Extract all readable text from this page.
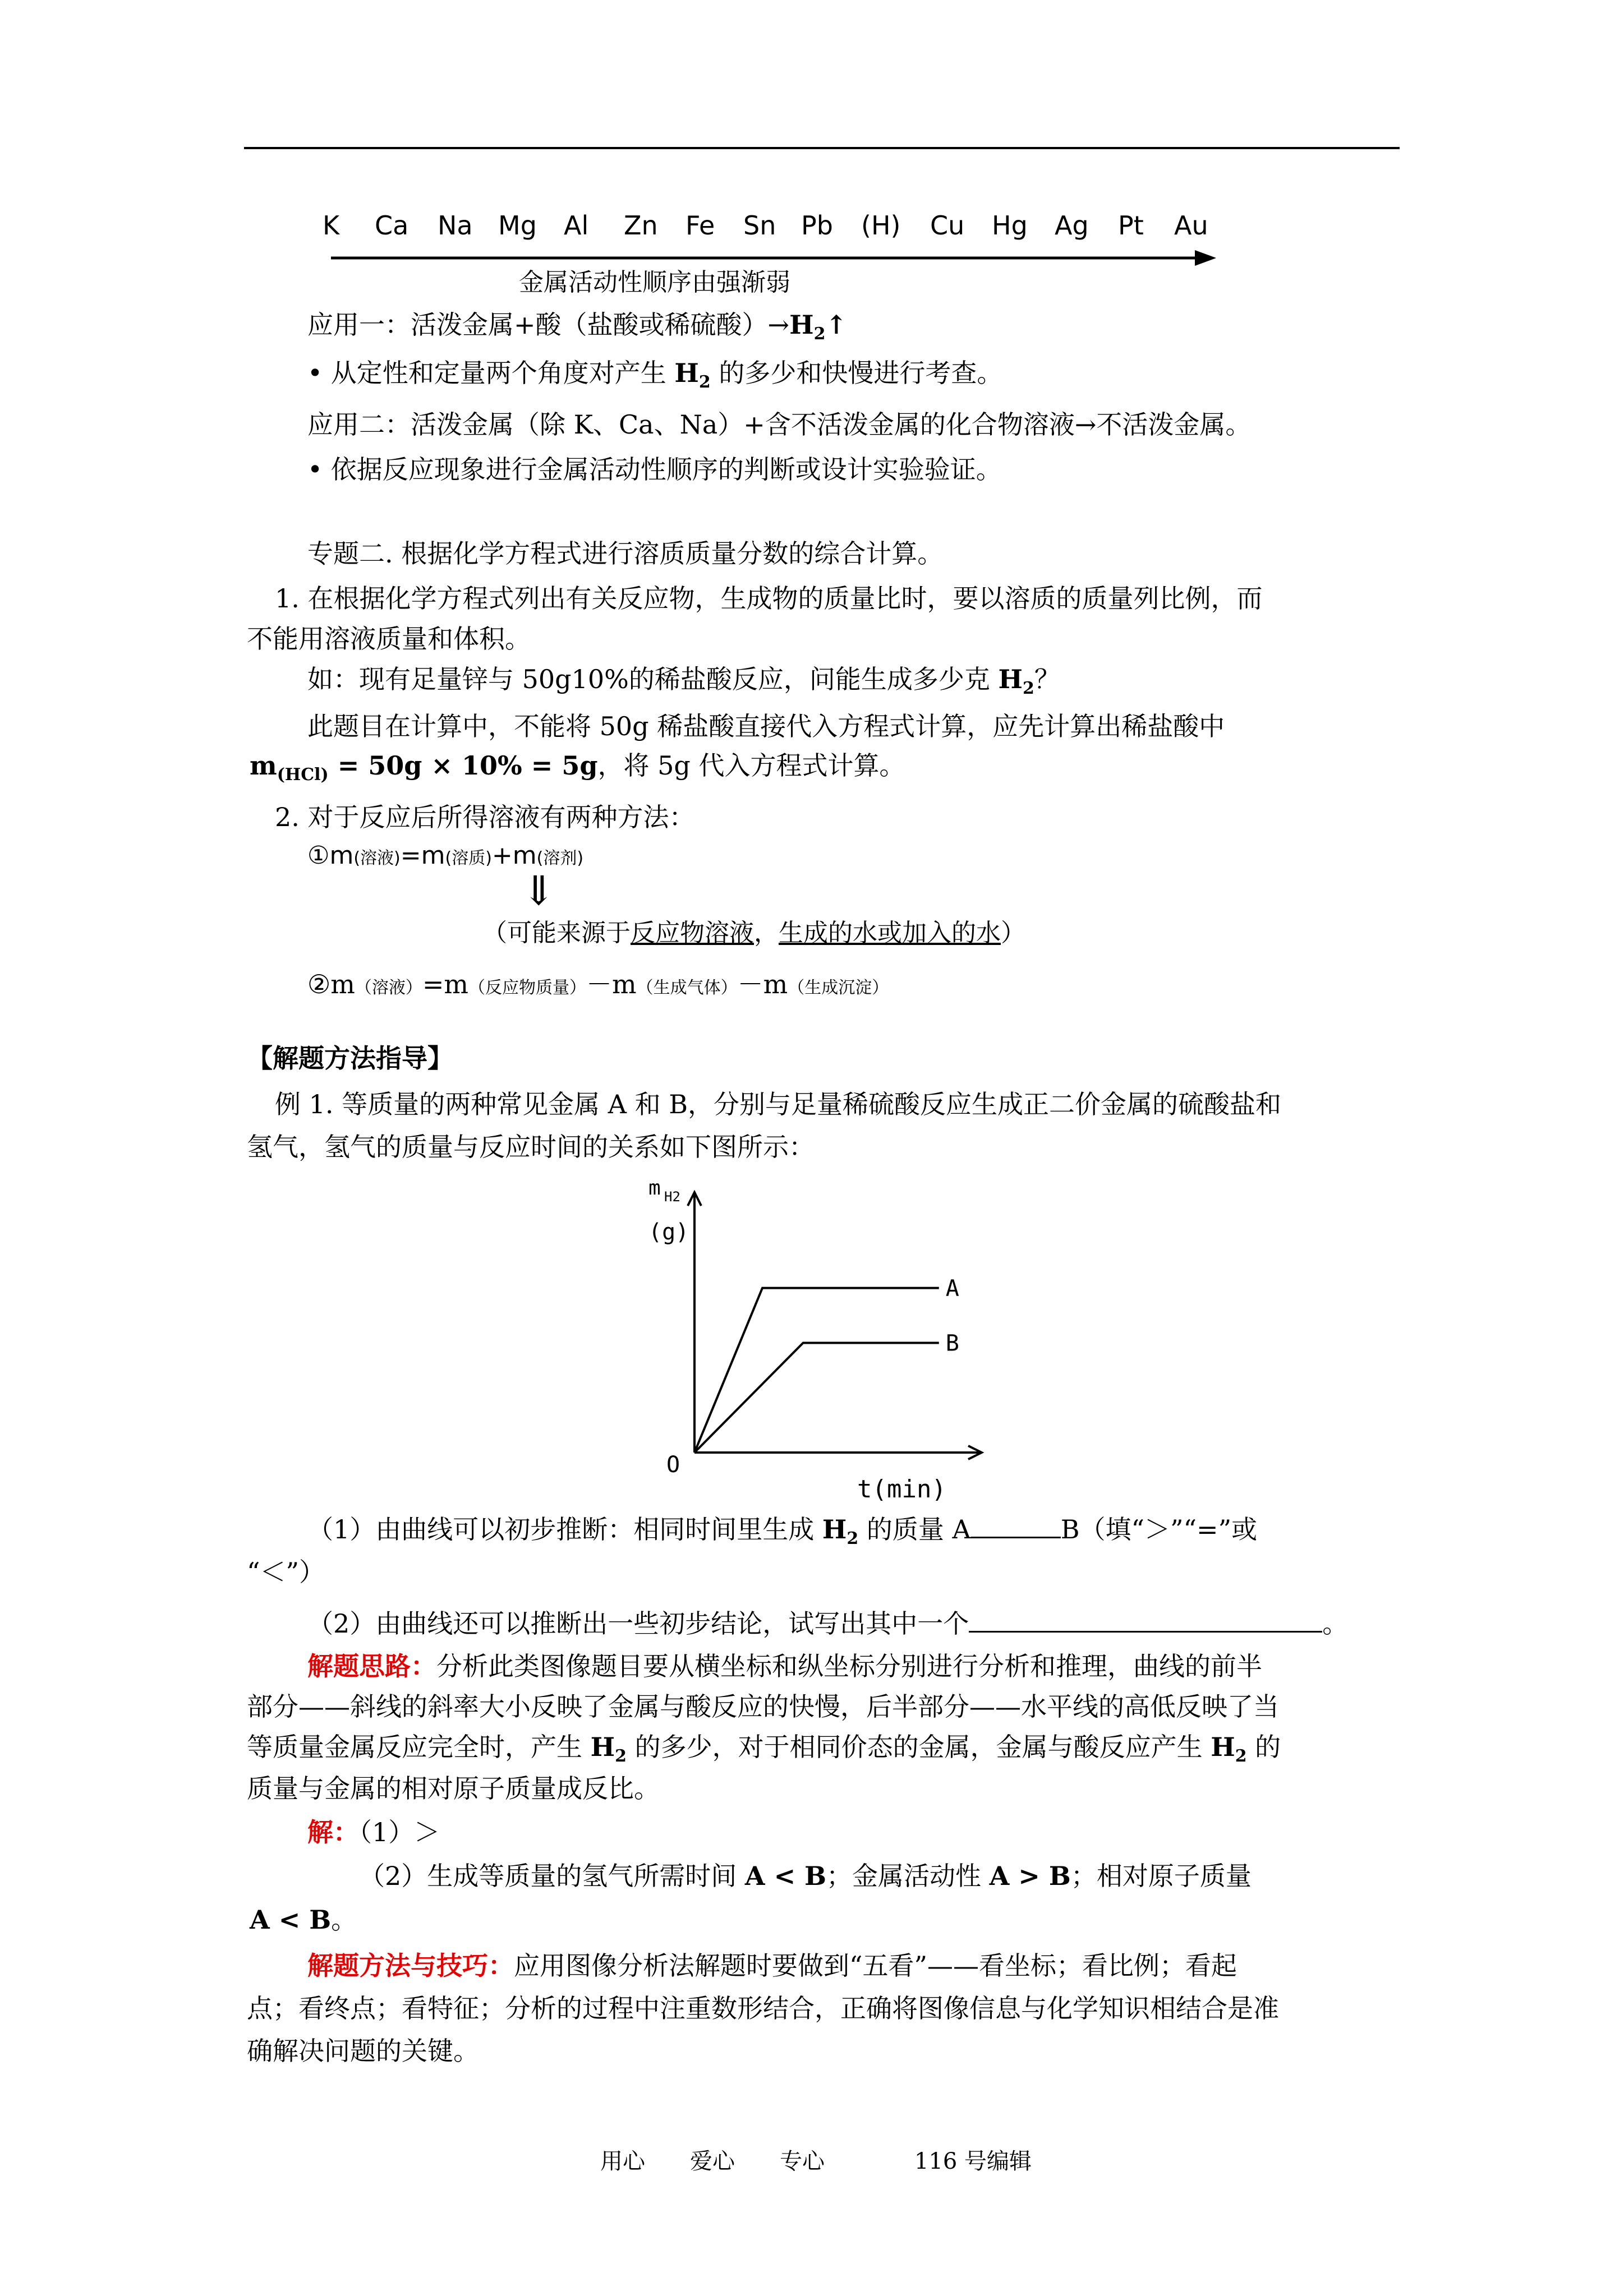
K Ca Na Mg Al Zn Fe Sn Pb (H) Cu Hg Ag Pt Au
金属活动性顺序由强渐弱
应用一：活泼金属+酸（盐酸或稀硫酸）$\to H_2↑$
• 从定性和定量两个角度对产生 $H_2$ 的多少和快慢进行考查。
应用二：活泼金属（除 K、Ca、Na）+含不活泼金属的化合物溶液→不活泼金属。
• 依据反应现象进行金属活动性顺序的判断或设计实验验证。
专题二. 根据化学方程式进行溶质质量分数的综合计算。
1. 在根据化学方程式列出有关反应物，生成物的质量比时，要以溶质的质量列比例，而
不能用溶液质量和体积。
如：现有足量锌与 50g10%的稀盐酸反应，问能生成多少克 $H_2$？
此题目在计算中，不能将 50g 稀盐酸直接代入方程式计算，应先计算出稀盐酸中
$m_{(HCl)} = 50g \times 10\% = 5g$，将 5g 代入方程式计算。
2. 对于反应后所得溶液有两种方法：
①m(溶液)=m(溶质)+m(溶剂)
⇓
（可能来源于反应物溶液，生成的水或加入的水）
②m（溶液）=m（反应物质量）－m（生成气体）－m（生成沉淀）
【解题方法指导】
例 1. 等质量的两种常见金属 A 和 B，分别与足量稀硫酸反应生成正二价金属的硫酸盐和
氢气，氢气的质量与反应时间的关系如下图所示：
m H2
(g)
t(min)
O
A
B
（1）由曲线可以初步推断：相同时间里生成 $H_2$ 的质量 A	B（填“＞”“=”或
“＜”）
（2）由曲线还可以推断出一些初步结论，试写出其中一个	。
解题思路：分析此类图像题目要从横坐标和纵坐标分别进行分析和推理，曲线的前半
部分——斜线的斜率大小反映了金属与酸反应的快慢，后半部分——水平线的高低反映了当
等质量金属反应完全时，产生 $H_2$ 的多少，对于相同价态的金属，金属与酸反应产生 $H_2$ 的
质量与金属的相对原子质量成反比。
解：（1）＞
（2）生成等质量的氢气所需时间 A < B；金属活动性 A > B；相对原子质量
A < B。
解题方法与技巧：应用图像分析法解题时要做到“五看”——看坐标；看比例；看起
点；看终点；看特征；分析的过程中注重数形结合，正确将图像信息与化学知识相结合是准
确解决问题的关键。
用心　　爱心　　专心　　　　116 号编辑
